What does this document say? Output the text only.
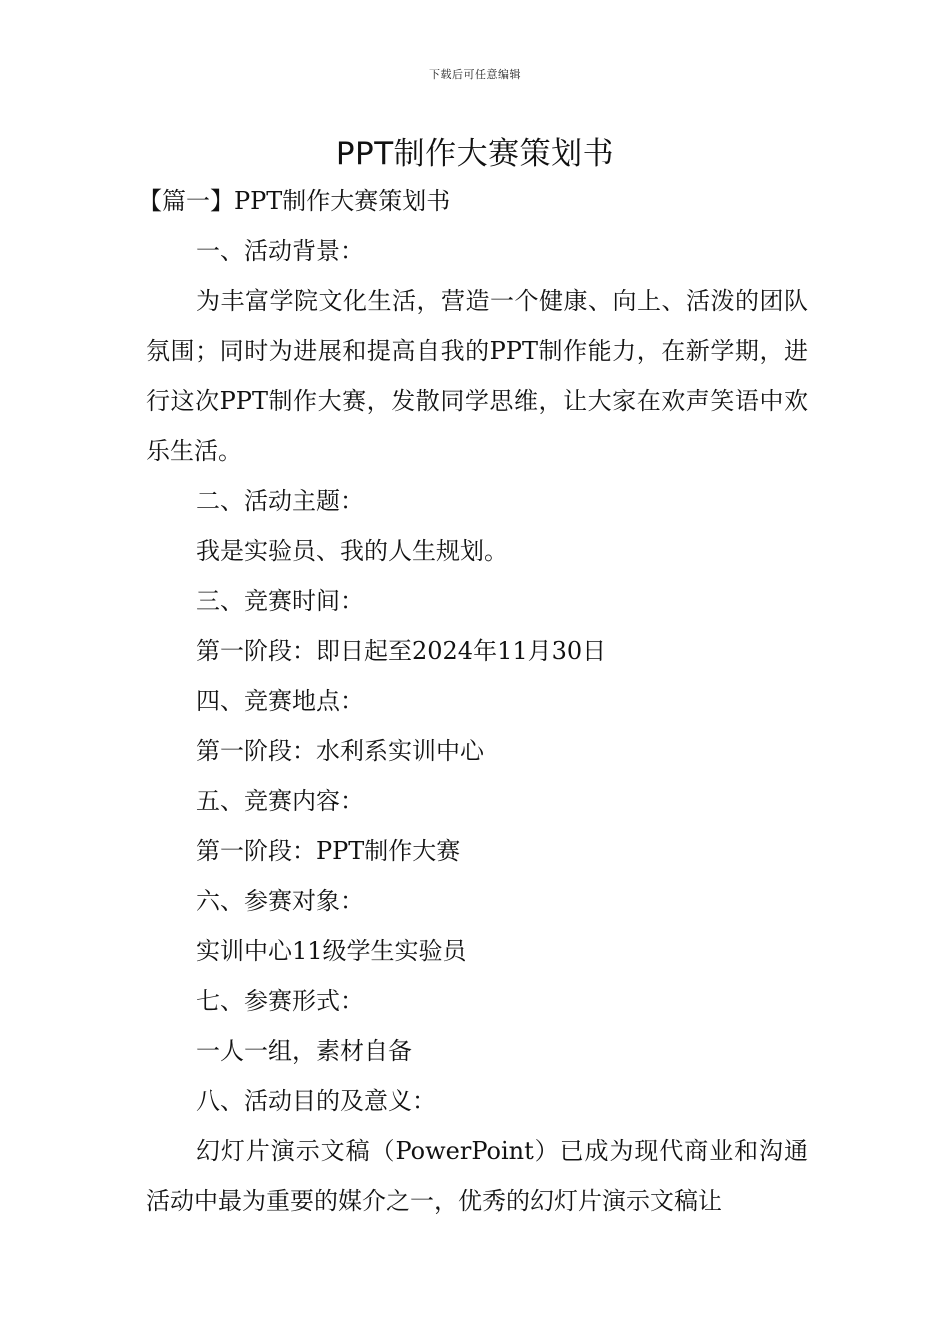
下载后可任意编辑
PPT制作大赛策划书

【篇一】PPT制作大赛策划书

一、活动背景：

为丰富学院文化生活，营造一个健康、向上、活泼的团队氛围；同时为进展和提高自我的PPT制作能力，在新学期，进行这次PPT制作大赛，发散同学思维，让大家在欢声笑语中欢乐生活。

二、活动主题：

我是实验员、我的人生规划。

三、竞赛时间：

第一阶段：即日起至2024年11月30日

四、竞赛地点：

第一阶段：水利系实训中心

五、竞赛内容：

第一阶段：PPT制作大赛

六、参赛对象：

实训中心11级学生实验员

七、参赛形式：

一人一组，素材自备

八、活动目的及意义：

幻灯片演示文稿（PowerPoint）已成为现代商业和沟通活动中最为重要的媒介之一，优秀的幻灯片演示文稿让
